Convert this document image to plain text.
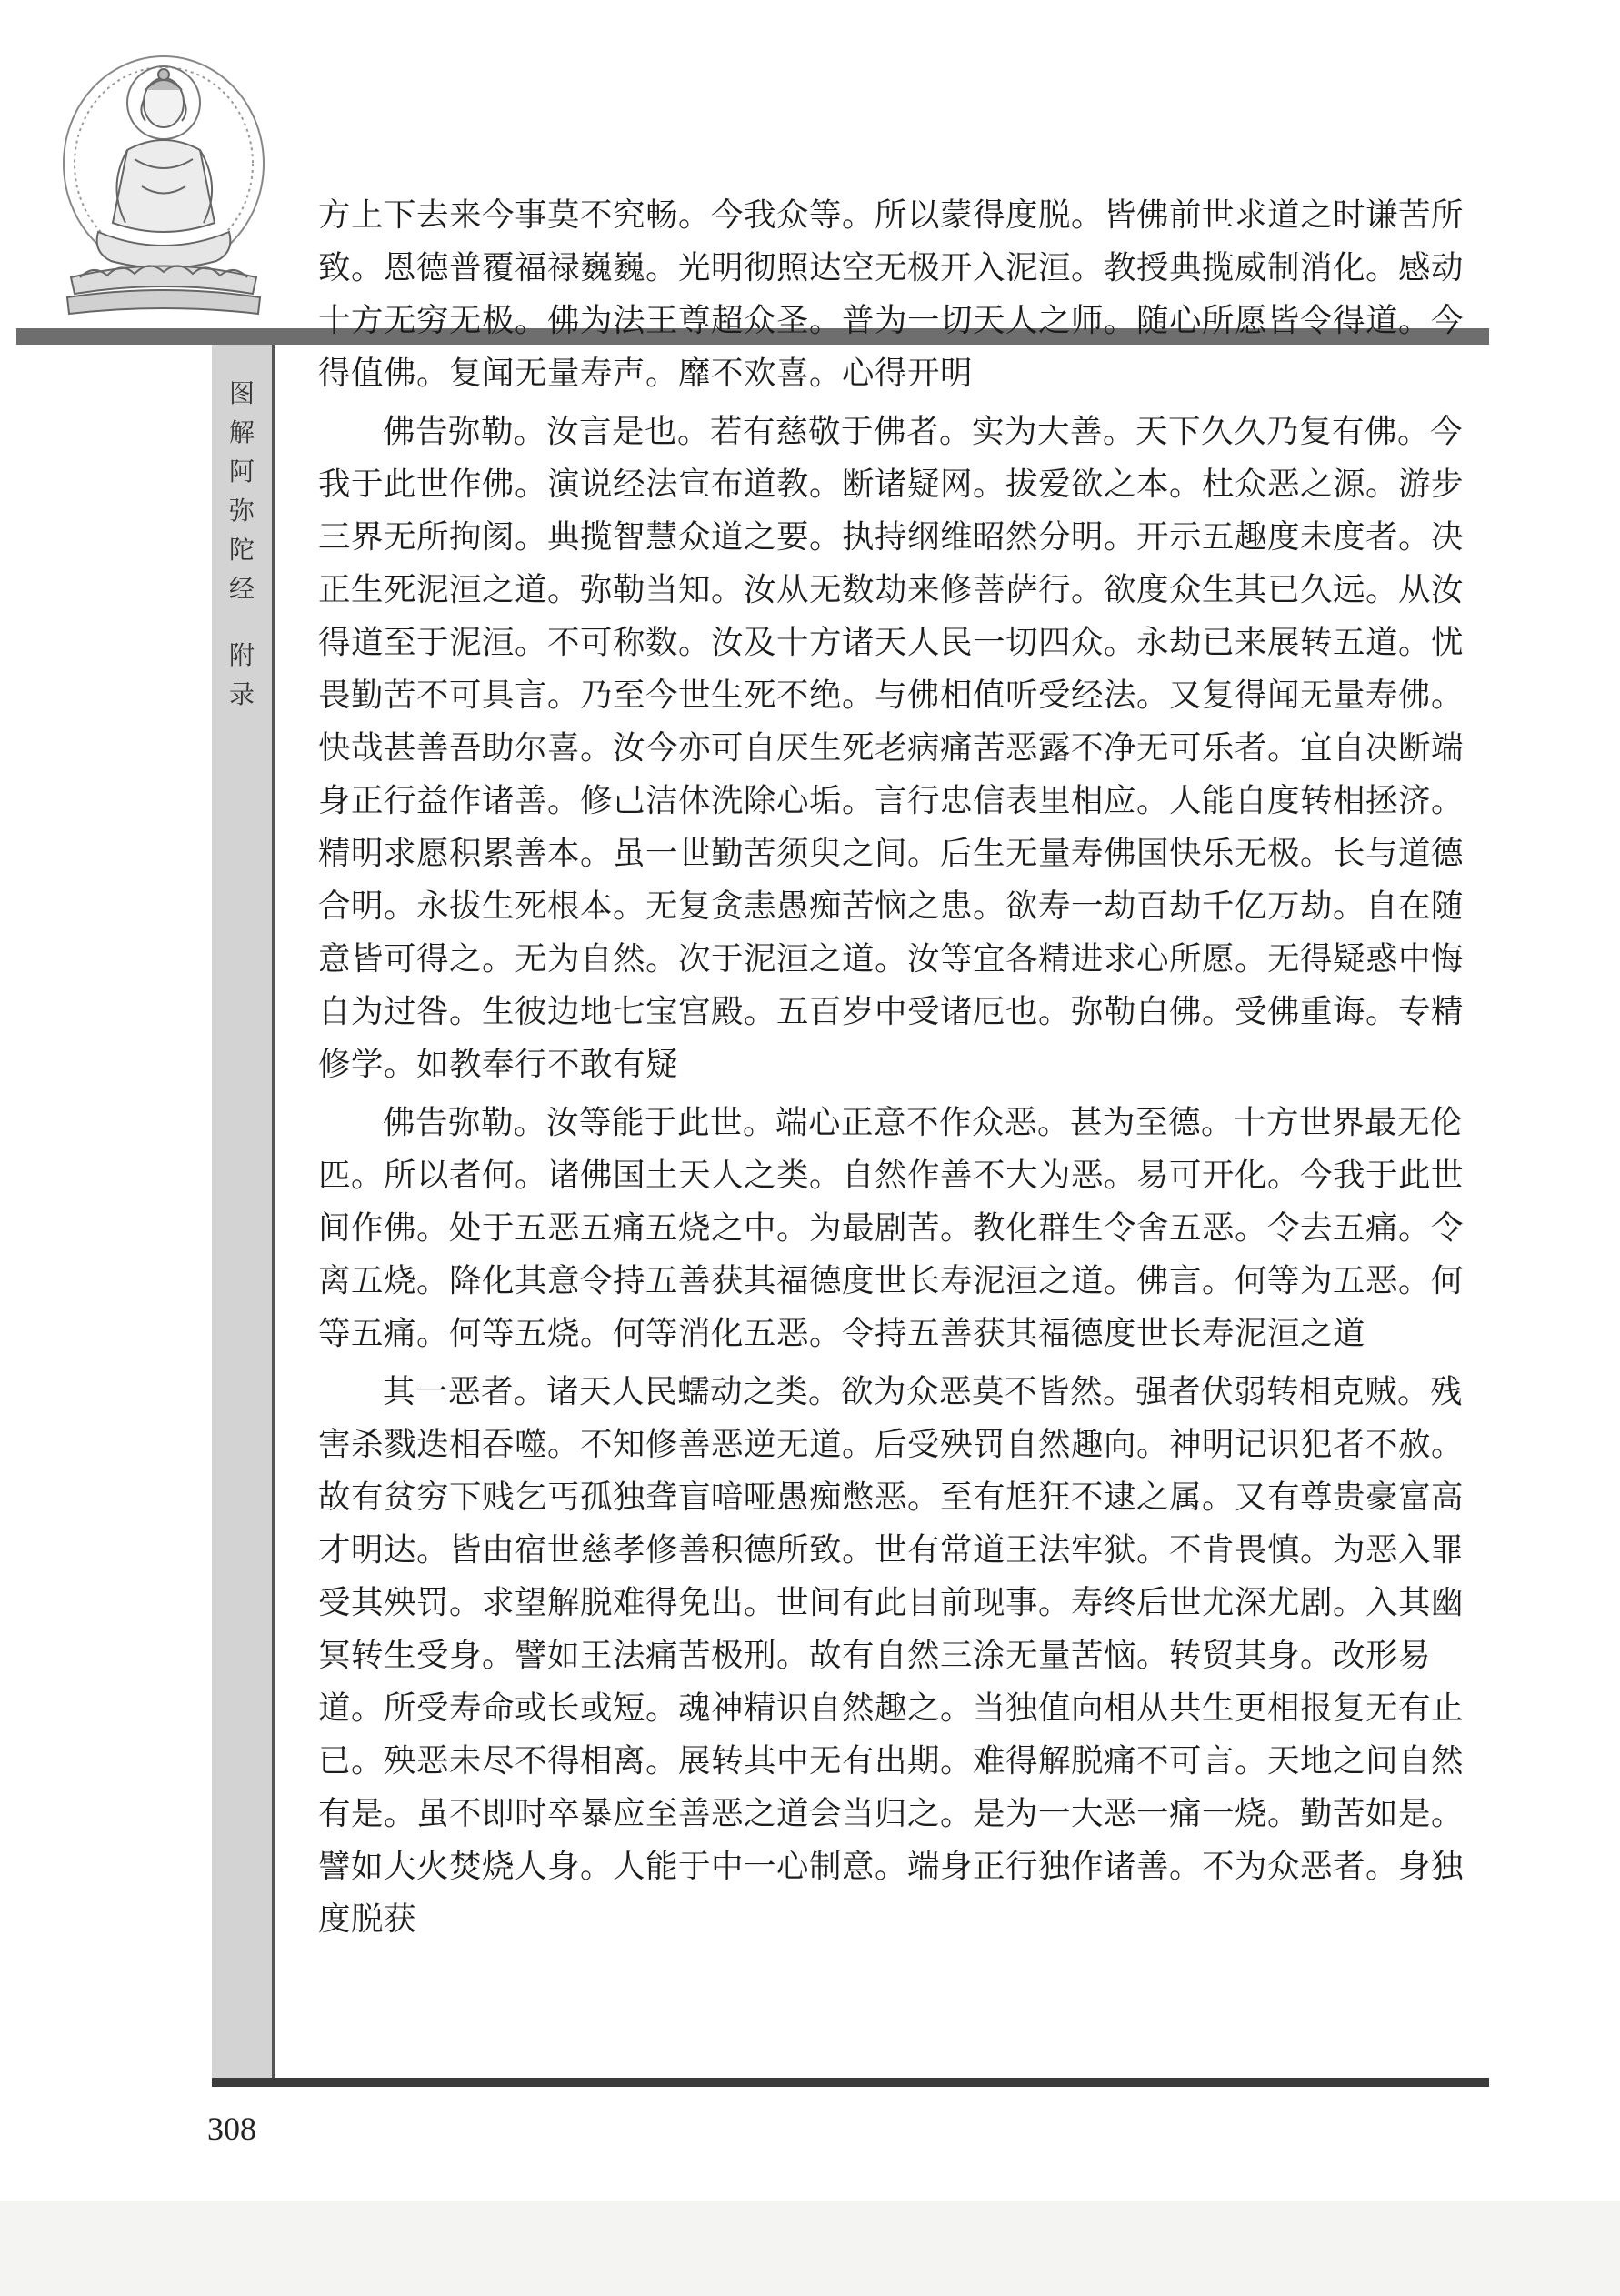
图
解
阿
弥
陀
经
附
录

方上下去来今事莫不究畅。今我众等。所以蒙得度脱。皆佛前世求道之时谦苦所致。恩德普覆福禄巍巍。光明彻照达空无极开入泥洹。教授典揽威制消化。感动十方无穷无极。佛为法王尊超众圣。普为一切天人之师。随心所愿皆令得道。今得值佛。复闻无量寿声。靡不欢喜。心得开明

佛告弥勒。汝言是也。若有慈敬于佛者。实为大善。天下久久乃复有佛。今我于此世作佛。演说经法宣布道教。断诸疑网。拔爱欲之本。杜众恶之源。游步三界无所拘阂。典揽智慧众道之要。执持纲维昭然分明。开示五趣度未度者。决正生死泥洹之道。弥勒当知。汝从无数劫来修菩萨行。欲度众生其已久远。从汝得道至于泥洹。不可称数。汝及十方诸天人民一切四众。永劫已来展转五道。忧畏勤苦不可具言。乃至今世生死不绝。与佛相值听受经法。又复得闻无量寿佛。快哉甚善吾助尔喜。汝今亦可自厌生死老病痛苦恶露不净无可乐者。宜自决断端身正行益作诸善。修己洁体洗除心垢。言行忠信表里相应。人能自度转相拯济。精明求愿积累善本。虽一世勤苦须臾之间。后生无量寿佛国快乐无极。长与道德合明。永拔生死根本。无复贪恚愚痴苦恼之患。欲寿一劫百劫千亿万劫。自在随意皆可得之。无为自然。次于泥洹之道。汝等宜各精进求心所愿。无得疑惑中悔自为过咎。生彼边地七宝宫殿。五百岁中受诸厄也。弥勒白佛。受佛重诲。专精修学。如教奉行不敢有疑

佛告弥勒。汝等能于此世。端心正意不作众恶。甚为至德。十方世界最无伦匹。所以者何。诸佛国土天人之类。自然作善不大为恶。易可开化。今我于此世间作佛。处于五恶五痛五烧之中。为最剧苦。教化群生令舍五恶。令去五痛。令离五烧。降化其意令持五善获其福德度世长寿泥洹之道。佛言。何等为五恶。何等五痛。何等五烧。何等消化五恶。令持五善获其福德度世长寿泥洹之道

其一恶者。诸天人民蠕动之类。欲为众恶莫不皆然。强者伏弱转相克贼。残害杀戮迭相吞噬。不知修善恶逆无道。后受殃罚自然趣向。神明记识犯者不赦。故有贫穷下贱乞丐孤独聋盲喑哑愚痴憋恶。至有尪狂不逮之属。又有尊贵豪富高才明达。皆由宿世慈孝修善积德所致。世有常道王法牢狱。不肯畏慎。为恶入罪受其殃罚。求望解脱难得免出。世间有此目前现事。寿终后世尤深尤剧。入其幽冥转生受身。譬如王法痛苦极刑。故有自然三涂无量苦恼。转贸其身。改形易道。所受寿命或长或短。魂神精识自然趣之。当独值向相从共生更相报复无有止已。殃恶未尽不得相离。展转其中无有出期。难得解脱痛不可言。天地之间自然有是。虽不即时卒暴应至善恶之道会当归之。是为一大恶一痛一烧。勤苦如是。譬如大火焚烧人身。人能于中一心制意。端身正行独作诸善。不为众恶者。身独度脱获

308
